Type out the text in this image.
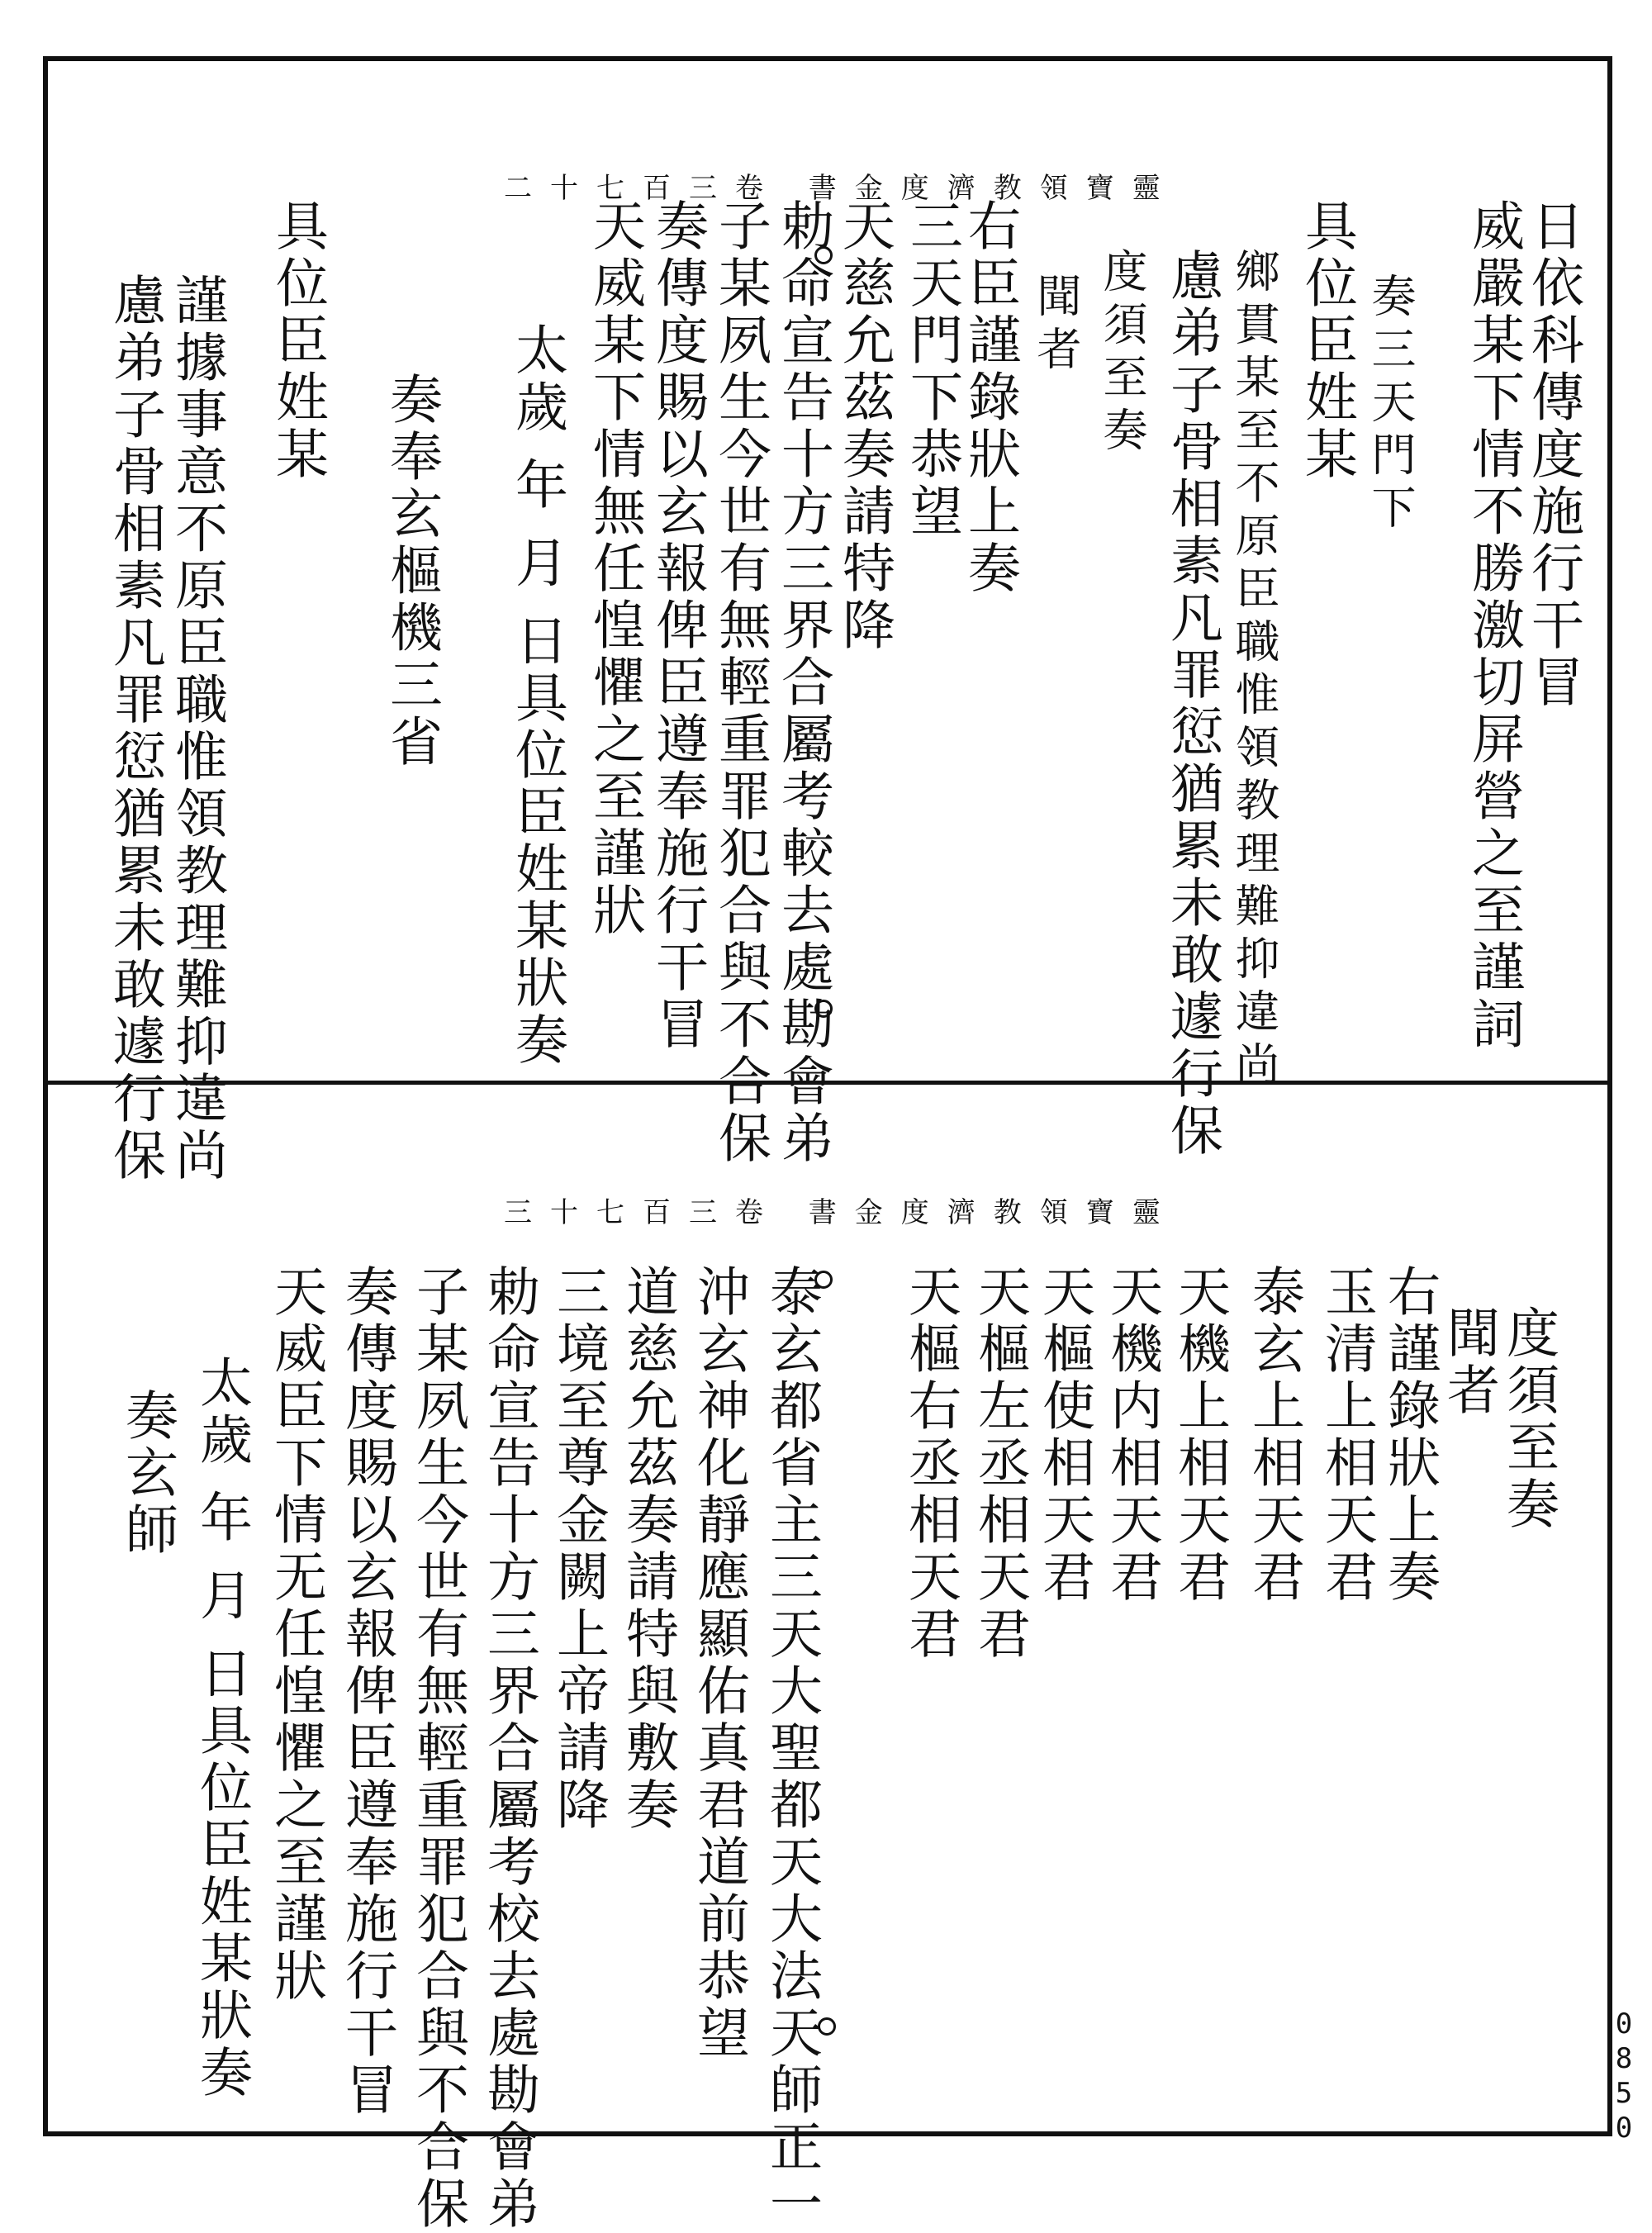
靈寶領教濟度金書 卷三百七十二
日依科傳度施行干冒
威嚴某下情不勝激切屏營之至謹詞
奏三天門下
具位臣姓某
鄉貫某至不原臣職惟領教理難抑違尚
慮弟子骨相素凡罪愆猶累未敢遽行保
度須至奏
聞者
右臣謹錄狀上奏
三天門下恭望
天慈允茲奏請特降
勅命宣告十方三界合屬考較去處勘會弟
子某夙生今世有無輕重罪犯合與不合保
奏傳度賜以玄報俾臣遵奉施行干冒
天威某下情無任惶懼之至謹狀
太歲 年 月 日具位臣姓某狀奏
奏奉玄樞機三省
具位臣姓某
謹據事意不原臣職惟領教理難抑違尚
慮弟子骨相素凡罪愆猶累未敢遽行保
靈寶領教濟度金書 卷三百七十三
度須至奏
聞者
右謹錄狀上奏
玉清上相天君
泰玄上相天君
天機上相天君
天機内相天君
天樞使相天君
天樞左丞相天君
天樞右丞相天君
泰玄都省主三天大聖都天大法天師正一
沖玄神化靜應顯佑真君道前恭望
道慈允茲奏請特與敷奏
三境至尊金闕上帝請降
勅命宣告十方三界合屬考校去處勘會弟
子某夙生今世有無輕重罪犯合與不合保
奏傳度賜以玄報俾臣遵奉施行干冒
天威臣下情无任惶懼之至謹狀
太歲 年 月 日具位臣姓某狀奏
奏玄師
0850
